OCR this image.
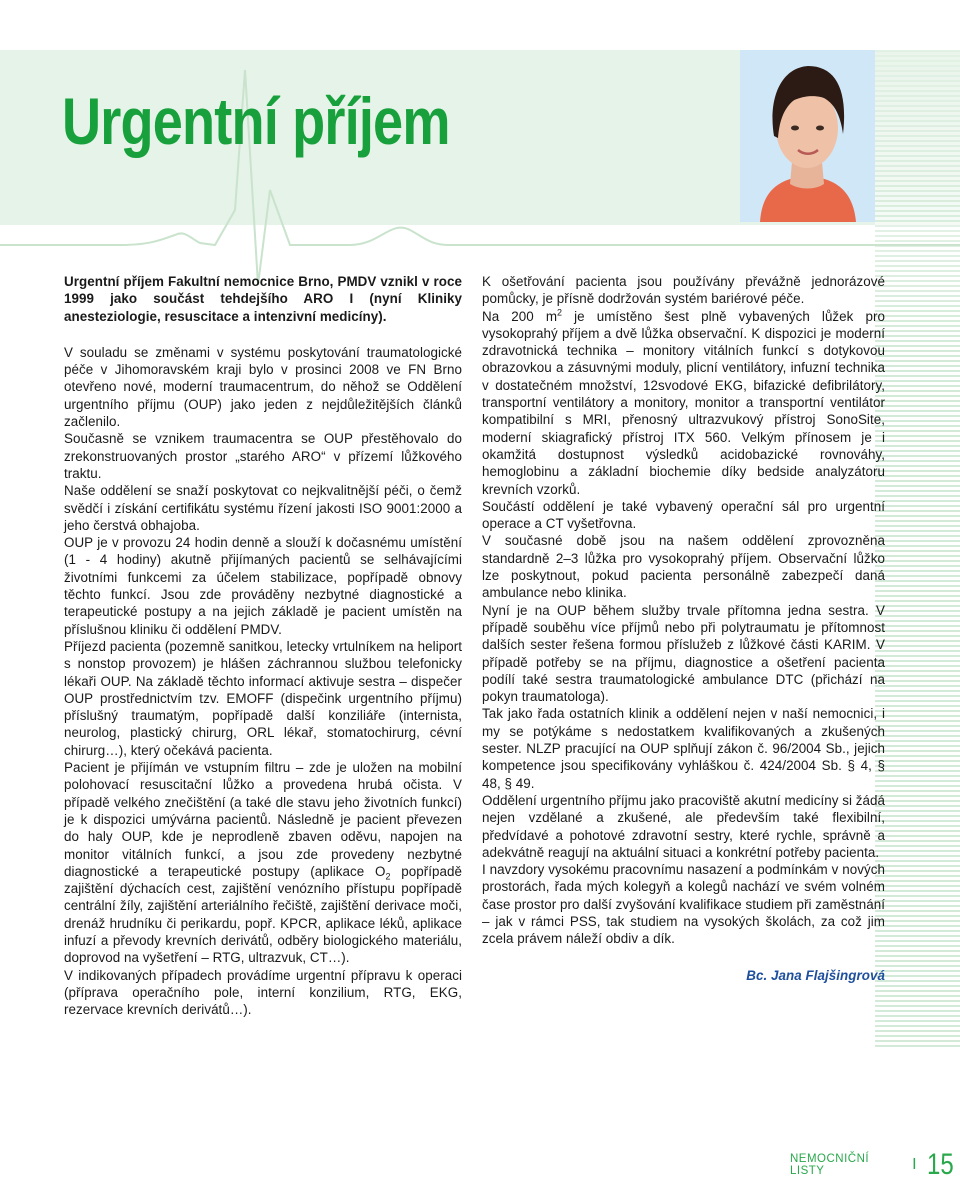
Urgentní příjem

Urgentní příjem Fakultní nemocnice Brno, PMDV vznikl v roce 1999 jako součást tehdejšího ARO I (nyní Kliniky anesteziologie, resuscitace a intenzivní medicíny).

V souladu se změnami v systému poskytování traumatologické péče v Jihomoravském kraji bylo v prosinci 2008 ve FN Brno otevřeno nové, moderní traumacentrum, do něhož se Oddělení urgentního příjmu (OUP) jako jeden z nejdůležitějších článků začlenilo.

Současně se vznikem traumacentra se OUP přestěhovalo do zrekonstruovaných prostor „starého ARO“ v přízemí lůžkového traktu.

Naše oddělení se snaží poskytovat co nejkvalitnější péči, o čemž svědčí i získání certifikátu systému řízení jakosti ISO 9001:2000 a jeho čerstvá obhajoba.

OUP je v provozu 24 hodin denně a slouží k dočasnému umístění (1 - 4 hodiny) akutně přijímaných pacientů se selhávajícími životními funkcemi za účelem stabilizace, popřípadě obnovy těchto funkcí. Jsou zde prováděny nezbytné diagnostické a terapeutické postupy a na jejich základě je pacient umístěn na příslušnou kliniku či oddělení PMDV.

Příjezd pacienta (pozemně sanitkou, letecky vrtulníkem na heliport s nonstop provozem) je hlášen záchrannou službou telefonicky lékaři OUP. Na základě těchto informací aktivuje sestra – dispečer OUP prostřednictvím tzv. EMOFF (dispečink urgentního příjmu) příslušný traumatým, popřípadě další konziliáře (internista, neurolog, plastický chirurg, ORL lékař, stomatochirurg, cévní chirurg…), který očekává pacienta.

Pacient je přijímán ve vstupním filtru – zde je uložen na mobilní polohovací resuscitační lůžko a provedena hrubá očista. V případě velkého znečištění (a také dle stavu jeho životních funkcí) je k dispozici umývárna pacientů. Následně je pacient převezen do haly OUP, kde je neprodleně zbaven oděvu, napojen na monitor vitálních funkcí, a jsou zde provedeny nezbytné diagnostické a terapeutické postupy (aplikace $O_2$ popřípadě zajištění dýchacích cest, zajištění venózního přístupu popřípadě centrální žíly, zajištění arteriálního řečiště, zajištění derivace moči, drenáž hrudníku či perikardu, popř. KPCR, aplikace léků, aplikace infuzí a převody krevních derivátů, odběry biologického materiálu, doprovod na vyšetření – RTG, ultrazvuk, CT…).

V indikovaných případech provádíme urgentní přípravu k operaci (příprava operačního pole, interní konzilium, RTG, EKG, rezervace krevních derivátů…).

K ošetřování pacienta jsou používány převážně jednorázové pomůcky, je přísně dodržován systém bariérové péče.

Na 200 $m^2$ je umístěno šest plně vybavených lůžek pro vysokoprahý příjem a dvě lůžka observační. K dispozici je moderní zdravotnická technika – monitory vitálních funkcí s dotykovou obrazovkou a zásuvnými moduly, plicní ventilátory, infuzní technika v dostatečném množství, 12svodové EKG, bifazické defibrilátory, transportní ventilátory a monitory, monitor a transportní ventilátor kompatibilní s MRI, přenosný ultrazvukový přístroj SonoSite, moderní skiagrafický přístroj ITX 560. Velkým přínosem je i okamžitá dostupnost výsledků acidobazické rovnováhy, hemoglobinu a základní biochemie díky bedside analyzátoru krevních vzorků.

Součástí oddělení je také vybavený operační sál pro urgentní operace a CT vyšetřovna.

V současné době jsou na našem oddělení zprovozněna standardně 2–3 lůžka pro vysokoprahý příjem. Observační lůžko lze poskytnout, pokud pacienta personálně zabezpečí daná ambulance nebo klinika.

Nyní je na OUP během služby trvale přítomna jedna sestra. V případě souběhu více příjmů nebo při polytraumatu je přítomnost dalších sester řešena formou příslužeb z lůžkové části KARIM. V případě potřeby se na příjmu, diagnostice a ošetření pacienta podílí také sestra traumatologické ambulance DTC (přichází na pokyn traumatologa).

Tak jako řada ostatních klinik a oddělení nejen v naší nemocnici, i my se potýkáme s nedostatkem kvalifikovaných a zkušených sester. NLZP pracující na OUP splňují zákon č. 96/2004 Sb., jejich kompetence jsou specifikovány vyhláškou č. 424/2004 Sb. § 4, § 48, § 49.

Oddělení urgentního příjmu jako pracoviště akutní medicíny si žádá nejen vzdělané a zkušené, ale především také flexibilní, předvídavé a pohotové zdravotní sestry, které rychle, správně a adekvátně reagují na aktuální situaci a konkrétní potřeby pacienta.

I navzdory vysokému pracovnímu nasazení a podmínkám v nových prostorách, řada mých kolegyň a kolegů nachází ve svém volném čase prostor pro další zvyšování kvalifikace studiem při zaměstnání – jak v rámci PSS, tak studiem na vysokých školách, za což jim zcela právem náleží obdiv a dík.

Bc. Jana Flajšingrová

NEMOCNIČNÍ LISTY	I 15
